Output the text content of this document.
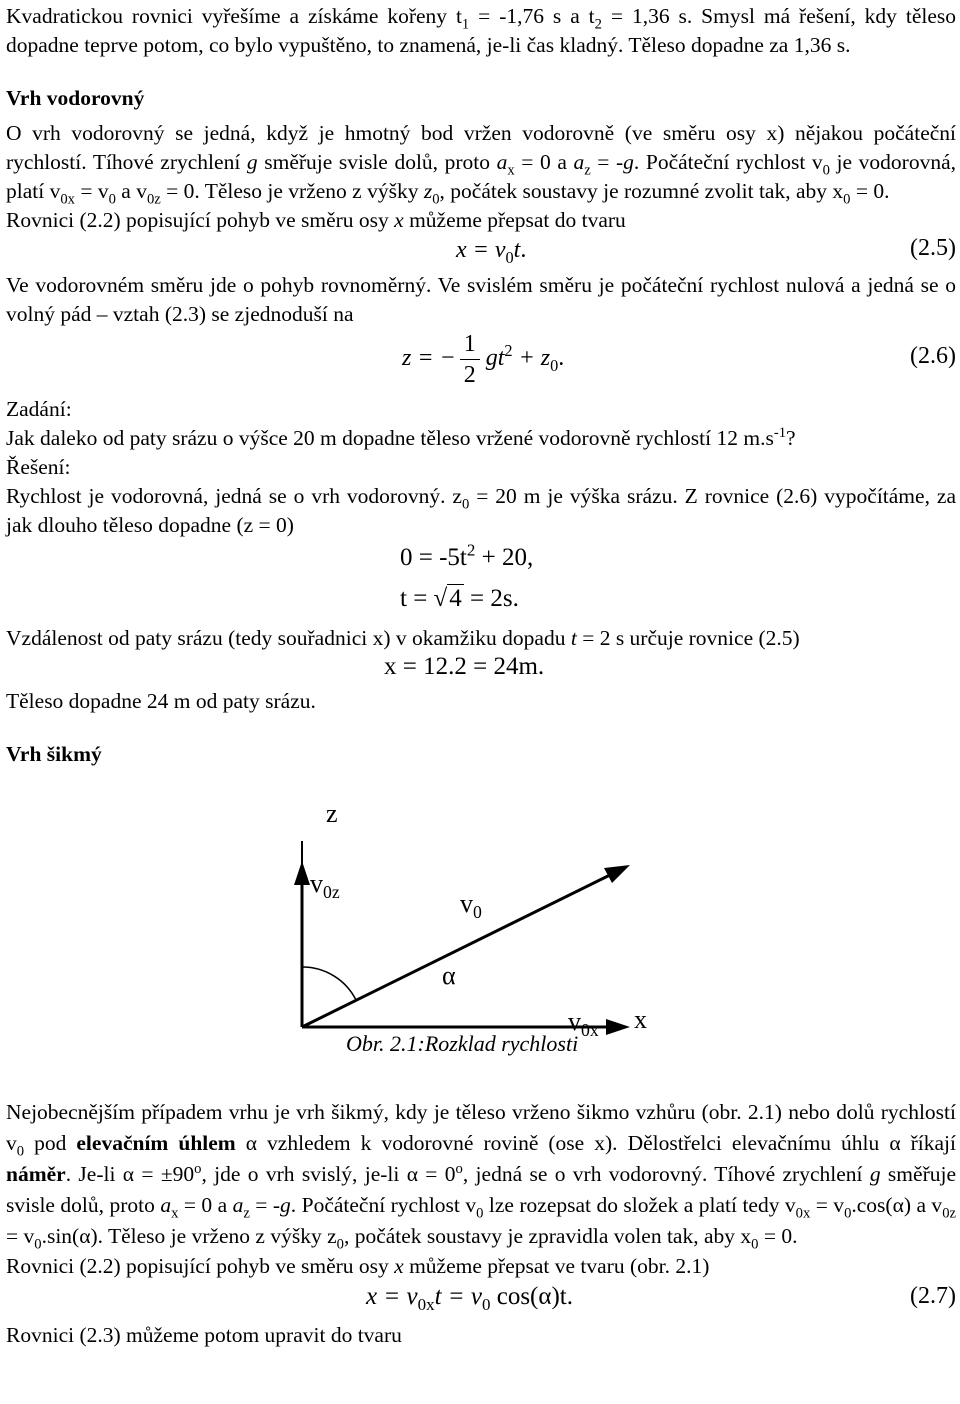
Kvadratickou rovnici vyřešíme a získáme kořeny $t_1 = -1,76$ s a $t_2 = 1,36$ s. Smysl má řešení, kdy těleso dopadne teprve potom, co bylo vypuštěno, to znamená, je-li čas kladný. Těleso dopadne za 1,36 s.

Vrh vodorovný

O vrh vodorovný se jedná, když je hmotný bod vržen vodorovně (ve směru osy x) nějakou počáteční rychlostí. Tíhové zrychlení g směřuje svisle dolů, proto $a_x = 0$ a $a_z = -g$. Počáteční rychlost $v_0$ je vodorovná, platí $v_{0x} = v_0$ a $v_{0z} = 0$. Těleso je vrženo z výšky $z_0$, počátek soustavy je rozumné zvolit tak, aby $x_0 = 0$.

Rovnici (2.2) popisující pohyb ve směru osy x můžeme přepsat do tvaru

$x = v_0t$.	(2.5)

Ve vodorovném směru jde o pohyb rovnoměrný. Ve svislém směru je počáteční rychlost nulová a jedná se o volný pád – vztah (2.3) se zjednoduší na

z = − $\frac{1}{2} gt^2 + z_0$.	(2.6)

Zadání:

Jak daleko od paty srázu o výšce 20 m dopadne těleso vržené vodorovně rychlostí 12 $m.s^{-1}$?

Řešení:

Rychlost je vodorovná, jedná se o vrh vodorovný. $z_0 = 20$ m je výška srázu. Z rovnice (2.6) vypočítáme, za jak dlouho těleso dopadne (z = 0)

$0 = -5t^2 + 20$,
t = √4 = 2s.

Vzdálenost od paty srázu (tedy souřadnici x) v okamžiku dopadu t = 2 s určuje rovnice (2.5)

x = 12.2 = 24m.

Těleso dopadne 24 m od paty srázu.

Vrh šikmý

z
$v_{0z}$	$v_0$
α
$v_{0x}$ x
Obr. 2.1:Rozklad rychlosti

Nejobecnějším případem vrhu je vrh šikmý, kdy je těleso vrženo šikmo vzhůru (obr. 2.1) nebo dolů rychlostí $v_0$ pod elevačním úhlem α vzhledem k vodorovné rovině (ose x). Dělostřelci elevačnímu úhlu α říkají náměr. Je-li $\alpha = \pm 90^o$, jde o vrh svislý, je-li $\alpha = 0^o$, jedná se o vrh vodorovný. Tíhové zrychlení g směřuje svisle dolů, proto $a_x = 0$ a $a_z = -g$. Počáteční rychlost $v_0$ lze rozepsat do složek a platí tedy $v_{0x} = v_0.\cos(\alpha)$ a $v_{0z} = v_0.\sin(\alpha)$. Těleso je vrženo z výšky $z_0$, počátek soustavy je zpravidla volen tak, aby $x_0 = 0$.

Rovnici (2.2) popisující pohyb ve směru osy x můžeme přepsat ve tvaru (obr. 2.1)

$x = v_{0x}t = v_0$ cos(α)t.	(2.7)

Rovnici (2.3) můžeme potom upravit do tvaru
